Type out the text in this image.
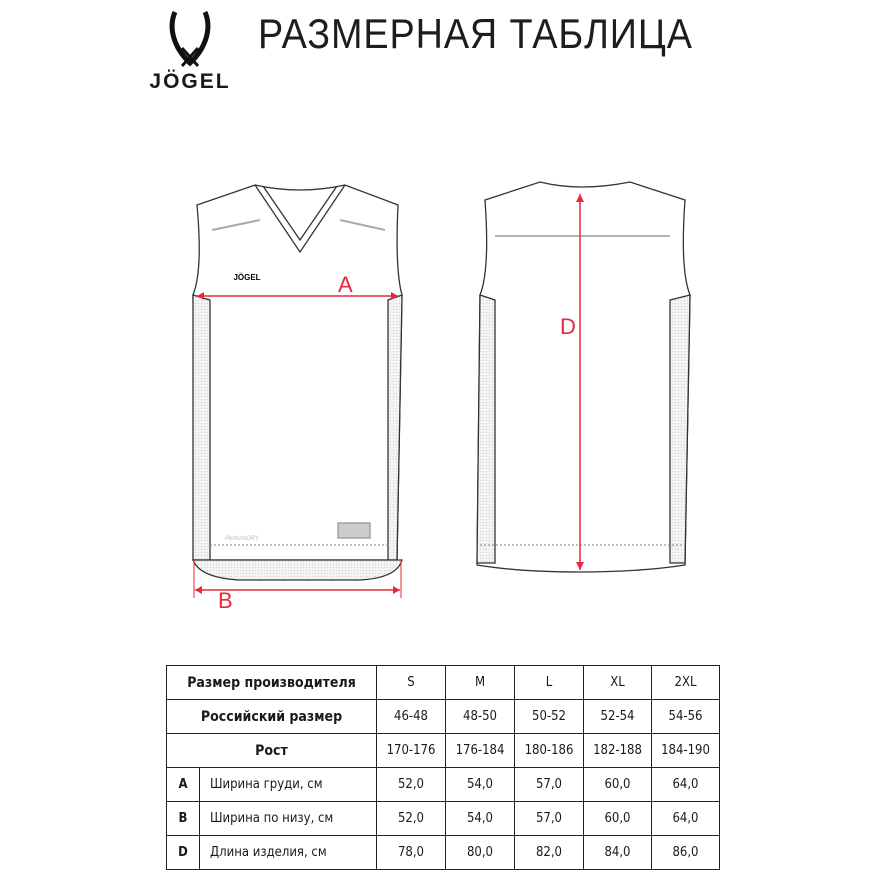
JÖGEL
РАЗМЕРНАЯ ТАБЛИЦА
JÖGEL
PerformDRY
A
B
D
Размер производителя		S	M	L	XL	2XL
Российский размер		46-48	48-50	50-52	52-54	54-56
Рост		170-176	176-184	180-186	182-188	184-190
A	Ширина груди, см	52,0	54,0	57,0	60,0	64,0
B	Ширина по низу, см	52,0	54,0	57,0	60,0	64,0
D	Длина изделия, см	78,0	80,0	82,0	84,0	86,0
